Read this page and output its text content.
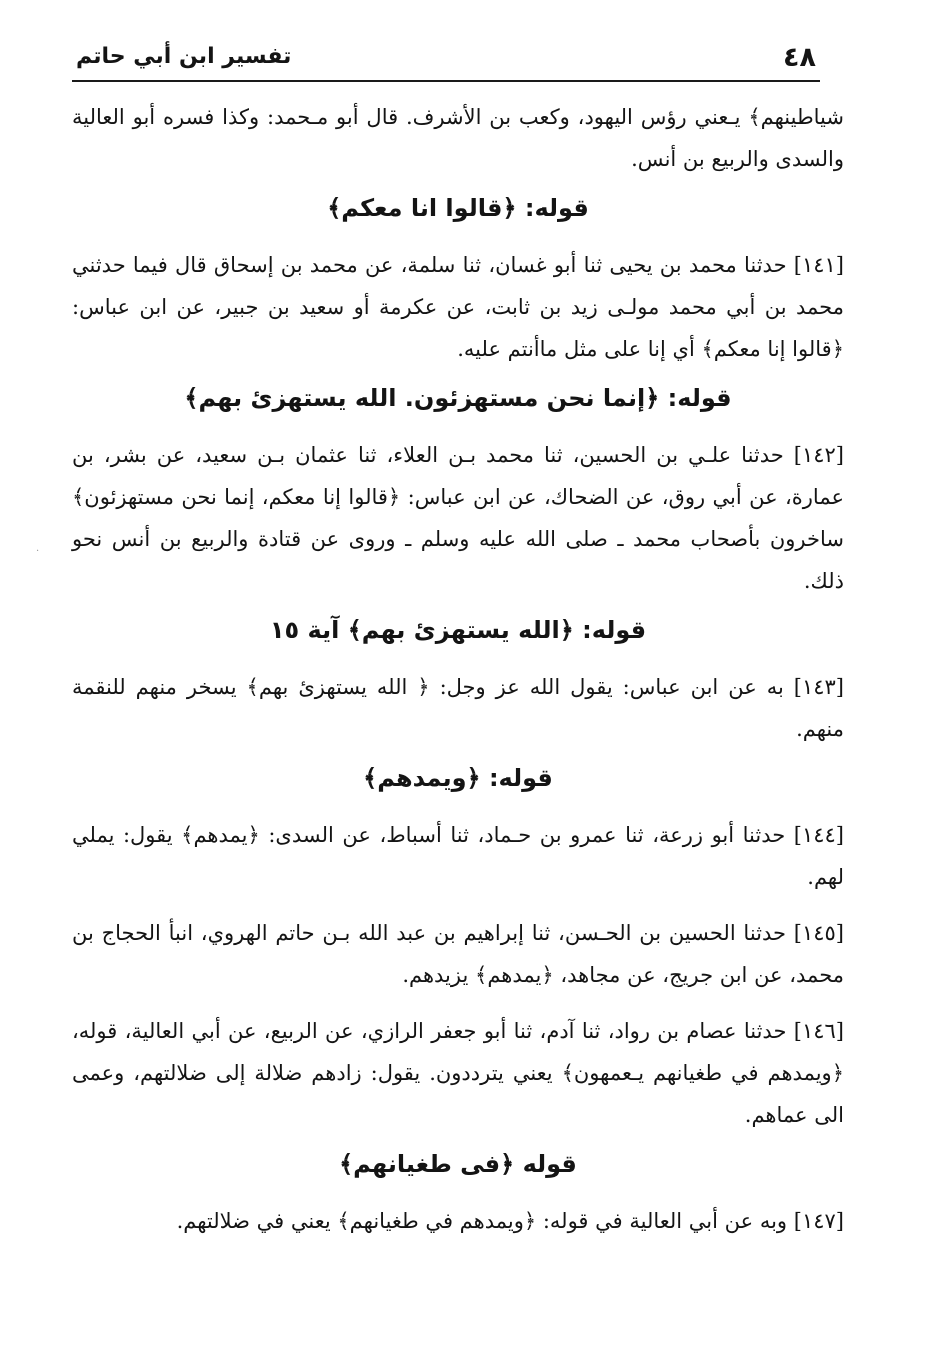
٤٨
تفسير ابن أبي حاتم

شياطينهم﴾ يـعني رؤس اليهود، وكعب بن الأشرف. قال أبو مـحمد: وكذا فسره أبو العالية والسدى والربيع بن أنس.

قوله: ﴿قالوا انا معكم﴾

[١٤١] حدثنا محمد بن يحيى ثنا أبو غسان، ثنا سلمة، عن محمد بن إسحاق قال فيما حدثني محمد بن أبي محمد مولـى زيد بن ثابت، عن عكرمة أو سعيد بن جبير، عن ابن عباس: ﴿قالوا إنا معكم﴾ أي إنا على مثل ماأنتم عليه.

قوله: ﴿إنما نحن مستهزئون. الله يستهزئ بهم﴾

[١٤٢] حدثنا علـي بن الحسين، ثنا محمد بـن العلاء، ثنا عثمان بـن سعيد، عن بشر، بن عمارة، عن أبي روق، عن الضحاك، عن ابن عباس: ﴿قالوا إنا معكم، إنما نحن مستهزئون﴾ ساخرون بأصحاب محمد ـ صلى الله عليه وسلم ـ وروى عن قتادة والربيع بن أنس نحو ذلك.

قوله: ﴿الله يستهزئ بهم﴾ آية ١٥

[١٤٣] به عن ابن عباس: يقول الله عز وجل: ﴿ الله يستهزئ بهم﴾ يسخر منهم للنقمة منهم.

قوله: ﴿ويمدهم﴾

[١٤٤] حدثنا أبو زرعة، ثنا عمرو بن حـماد، ثنا أسباط، عن السدى: ﴿يمدهم﴾ يقول: يملي لهم.

[١٤٥] حدثنا الحسين بن الحـسن، ثنا إبراهيم بن عبد الله بـن حاتم الهروي، انبأ الحجاج بن محمد، عن ابن جريج، عن مجاهد، ﴿يمدهم﴾ يزيدهم.

[١٤٦] حدثنا عصام بن رواد، ثنا آدم، ثنا أبو جعفر الرازي، عن الربيع، عن أبي العالية، قوله، ﴿ويمدهم في طغيانهم يـعمهون﴾ يعني يترددون. يقول: زادهم ضلالة إلى ضلالتهم، وعمى الى عماهم.

قوله ﴿فى طغيانهم﴾

[١٤٧] وبه عن أبي العالية في قوله: ﴿ويمدهم في طغيانهم﴾ يعني في ضلالتهم.

·
